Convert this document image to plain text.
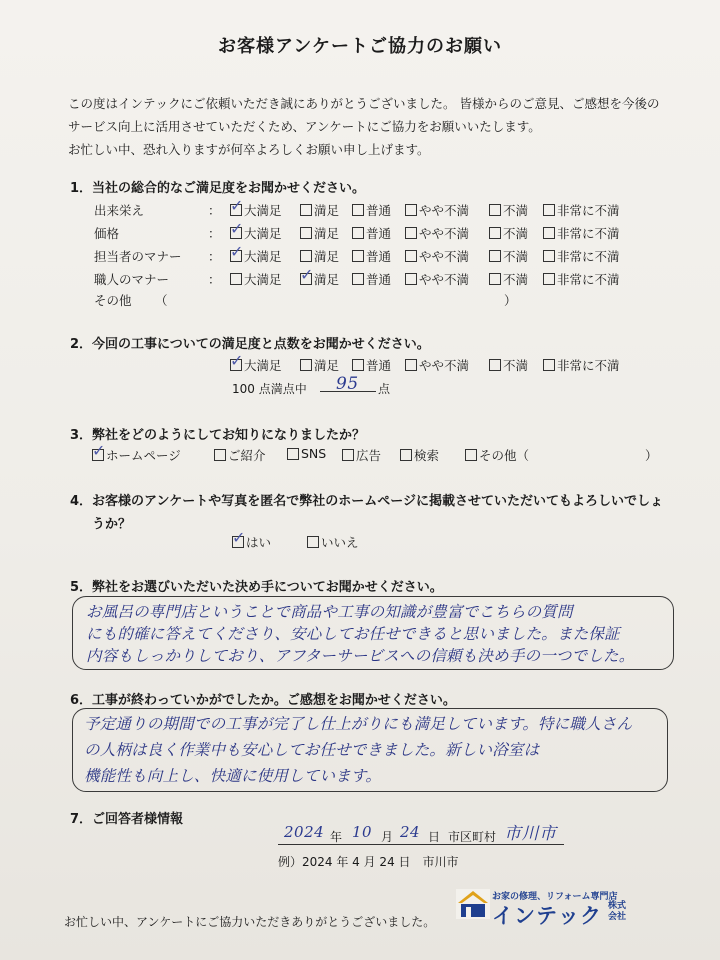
お客様アンケートご協力のお願い
この度はインテックにご依頼いただき誠にありがとうございました。 皆様からのご意見、ご感想を今後の
サービス向上に活用させていただくため、アンケートにご協力をお願いいたします。
お忙しい中、恐れ入りますが何卒よろしくお願い申し上げます。
1．当社の総合的なご満足度をお聞かせください。
出来栄え	： ✓ 大満足	満足 普通 やや不満	不満 非常に不満
価格	： ✓ 大満足	満足 普通 やや不満	不満 非常に不満
担当者のマナー ： ✓ 大満足	満足 普通 やや不満	不満 非常に不満
職人のマナー	： 大満足 ✓ 満足 普通 やや不満	不満 非常に不満
その他 （	）
2．今回の工事についての満足度と点数をお聞かせください。
✓ 大満足	満足 普通 やや不満	不満 非常に不満
100 点満点中 95 点
3．弊社をどのようにしてお知りになりましたか？
✓ ホームページ	ご紹介	SNS 広告	検索	その他（	）
4．お客様のアンケートや写真を匿名で弊社のホームページに掲載させていただいてもよろしいでしょ
うか？
✓ はい	いいえ
5．弊社をお選びいただいた決め手についてお聞かせください。
お風呂の専門店ということで商品や工事の知識が豊富でこちらの質問
にも的確に答えてくださり、安心してお任せできると思いました。また保証
内容もしっかりしており、アフターサービスへの信頼も決め手の一つでした。
6．工事が終わっていかがでしたか。ご感想をお聞かせください。
予定通りの期間での工事が完了し仕上がりにも満足しています。特に職人さん
の人柄は良く作業中も安心してお任せできました。新しい浴室は
機能性も向上し、快適に使用しています。
7．ご回答者様情報
2024 年 10 月 24 日 市区町村 市川市
例）2024 年 4 月 24 日　市川市
お忙しい中、アンケートにご協力いただきありがとうございました。
お家の修理、リフォーム専門店
インテック 株式
会社
